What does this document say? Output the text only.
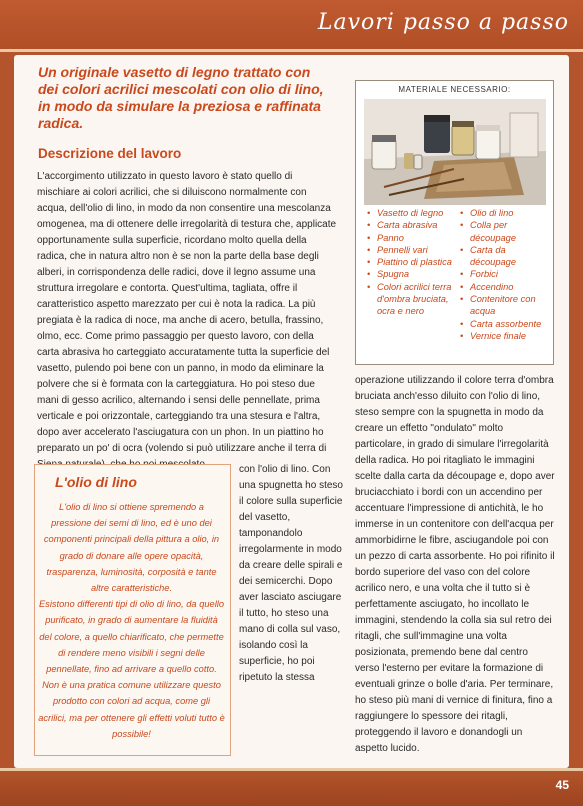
Lavori passo a passo

Un originale vasetto di legno trattato con dei colori acrilici mescolati con olio di lino, in modo da simulare la preziosa e raffinata radica.

Descrizione del lavoro

L'accorgimento utilizzato in questo lavoro è stato quello di mischiare ai colori acrilici, che si diluiscono normalmente con acqua, dell'olio di lino, in modo da non consentire una mescolanza omogenea, ma di ottenere delle irregolarità di testura che, applicate opportunamente sulla superficie, ricordano molto quella della radica, che in natura altro non è se non la parte della base degli alberi, in corrispondenza delle radici, dove il legno assume una struttura irregolare e contorta. Quest'ultima, tagliata, offre il caratteristico aspetto marezzato per cui è nota la radica. La più pregiata è la radica di noce, ma anche di acero, betulla, frassino, olmo, ecc. Come primo passaggio per questo lavoro, con della carta abrasiva ho carteggiato accuratamente tutta la superficie del vasetto, pulendo poi bene con un panno, in modo da eliminare la polvere che si è formata con la carteggiatura. Ho poi steso due mani di gesso acrilico, alternando i sensi delle pennellate, prima verticale e poi orizzontale, carteggiando tra una stesura e l'altra, dopo aver accelerato l'asciugatura con un phon. In un piattino ho preparato un po' di ocra (volendo si può utilizzare anche il terra di

MATERIALE NECESSARIO:
• Vasetto di legno
• Carta abrasiva
• Panno
• Pennelli vari
• Piattino di plastica
• Spugna
• Colori acrilici terra d'ombra bruciata, ocra e nero
• Olio di lino
• Colla per découpage
• Carta da découpage
• Forbici
• Accendino
• Contenitore con acqua
• Carta assorbente
• Vernice finale
L'olio di lino
L'olio di lino si ottiene spremendo a pressione dei semi di lino, ed è uno dei componenti principali della pittura a olio, in grado di donare alle opere opacità, trasparenza, luminosità, corposità e tante altre caratteristiche.
Esistono differenti tipi di olio di lino, da quello purificato, in grado di aumentare la fluidità del colore, a quello chiarificato, che permette di rendere meno visibili i segni delle pennellate, fino ad arrivare a quello cotto.
Non è una pratica comune utilizzare questo prodotto con colori ad acqua, come gli acrilici, ma per ottenere gli effetti voluti tutto è possibile!

con l'olio di lino. Con una spugnetta ho steso il colore sulla superficie del vasetto, tamponandolo irregolarmente in modo da creare delle spirali e dei semicerchi. Dopo aver lasciato asciugare il tutto, ho steso una mano di colla sul vaso, isolando così la superficie, ho poi ripetuto la stessa

operazione utilizzando il colore terra d'ombra bruciata anch'esso diluito con l'olio di lino, steso sempre con la spugnetta in modo da creare un effetto "ondulato" molto particolare, in grado di simulare l'irregolarità della radica. Ho poi ritagliato le immagini scelte dalla carta da découpage e, dopo aver bruciacchiato i bordi con un accendino per accentuare l'impressione di antichità, le ho immerse in un contenitore con dell'acqua per ammorbidirne le fibre, asciugandole poi con un pezzo di carta assorbente. Ho poi rifinito il bordo superiore del vaso con del colore acrilico nero, e una volta che il tutto si è perfettamente asciugato, ho incollato le immagini, stendendo la colla sia sul retro dei ritagli, che sull'immagine una volta posizionata, premendo bene dal centro verso l'esterno per evitare la formazione di eventuali grinze o bolle d'aria. Per terminare, ho steso più mani di vernice di finitura, fino a raggiungere lo spessore dei ritagli, proteggendo il lavoro e donandogli un aspetto lucido.

45
